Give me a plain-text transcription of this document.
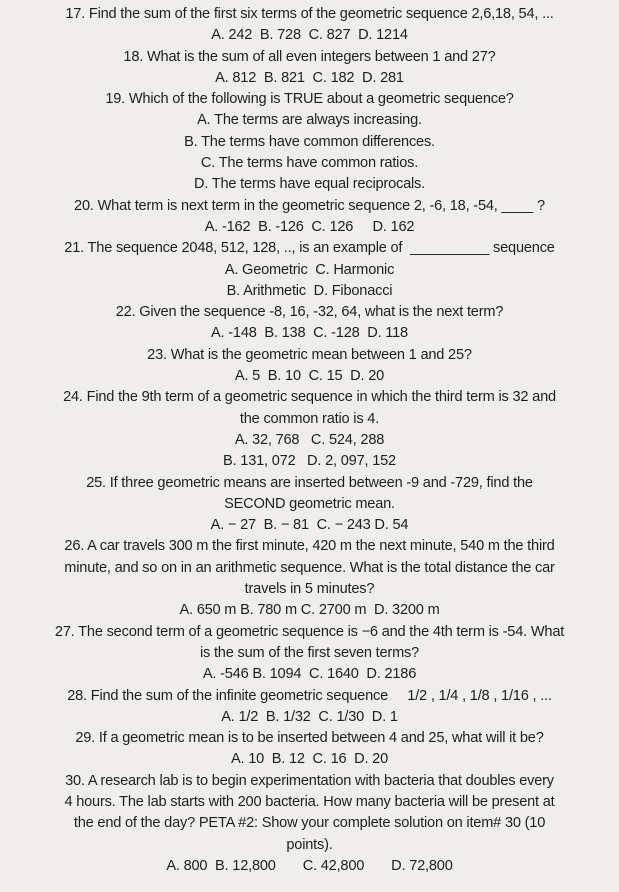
17. Find the sum of the first six terms of the geometric sequence 2,6,18, 54, ...
A. 242  B. 728  C. 827  D. 1214
18. What is the sum of all even integers between 1 and 27?
A. 812  B. 821  C. 182  D. 281
19. Which of the following is TRUE about a geometric sequence?
A. The terms are always increasing.
B. The terms have common differences.
C. The terms have common ratios.
D. The terms have equal reciprocals.
20. What term is next term in the geometric sequence 2, -6, 18, -54, ____ ?
A. -162  B. -126  C. 126     D. 162
21. The sequence 2048, 512, 128, .., is an example of  __________ sequence
A. Geometric  C. Harmonic
B. Arithmetic  D. Fibonacci
22. Given the sequence -8, 16, -32, 64, what is the next term?
A. -148  B. 138  C. -128  D. 118
23. What is the geometric mean between 1 and 25?
A. 5  B. 10  C. 15  D. 20
24. Find the 9th term of a geometric sequence in which the third term is 32 and
the common ratio is 4.
A. 32, 768   C. 524, 288
B. 131, 072   D. 2, 097, 152
25. If three geometric means are inserted between -9 and -729, find the
SECOND geometric mean.
A. − 27  B. − 81  C. − 243 D. 54
26. A car travels 300 m the first minute, 420 m the next minute, 540 m the third
minute, and so on in an arithmetic sequence. What is the total distance the car
travels in 5 minutes?
A. 650 m B. 780 m C. 2700 m  D. 3200 m
27. The second term of a geometric sequence is −6 and the 4th term is -54. What
is the sum of the first seven terms?
A. -546 B. 1094  C. 1640  D. 2186
28. Find the sum of the infinite geometric sequence     1/2 , 1/4 , 1/8 , 1/16 , ...
A. 1/2  B. 1/32  C. 1/30  D. 1
29. If a geometric mean is to be inserted between 4 and 25, what will it be?
A. 10  B. 12  C. 16  D. 20
30. A research lab is to begin experimentation with bacteria that doubles every
4 hours. The lab starts with 200 bacteria. How many bacteria will be present at
the end of the day? PETA #2: Show your complete solution on item# 30 (10
points).
A. 800  B. 12,800       C. 42,800       D. 72,800
